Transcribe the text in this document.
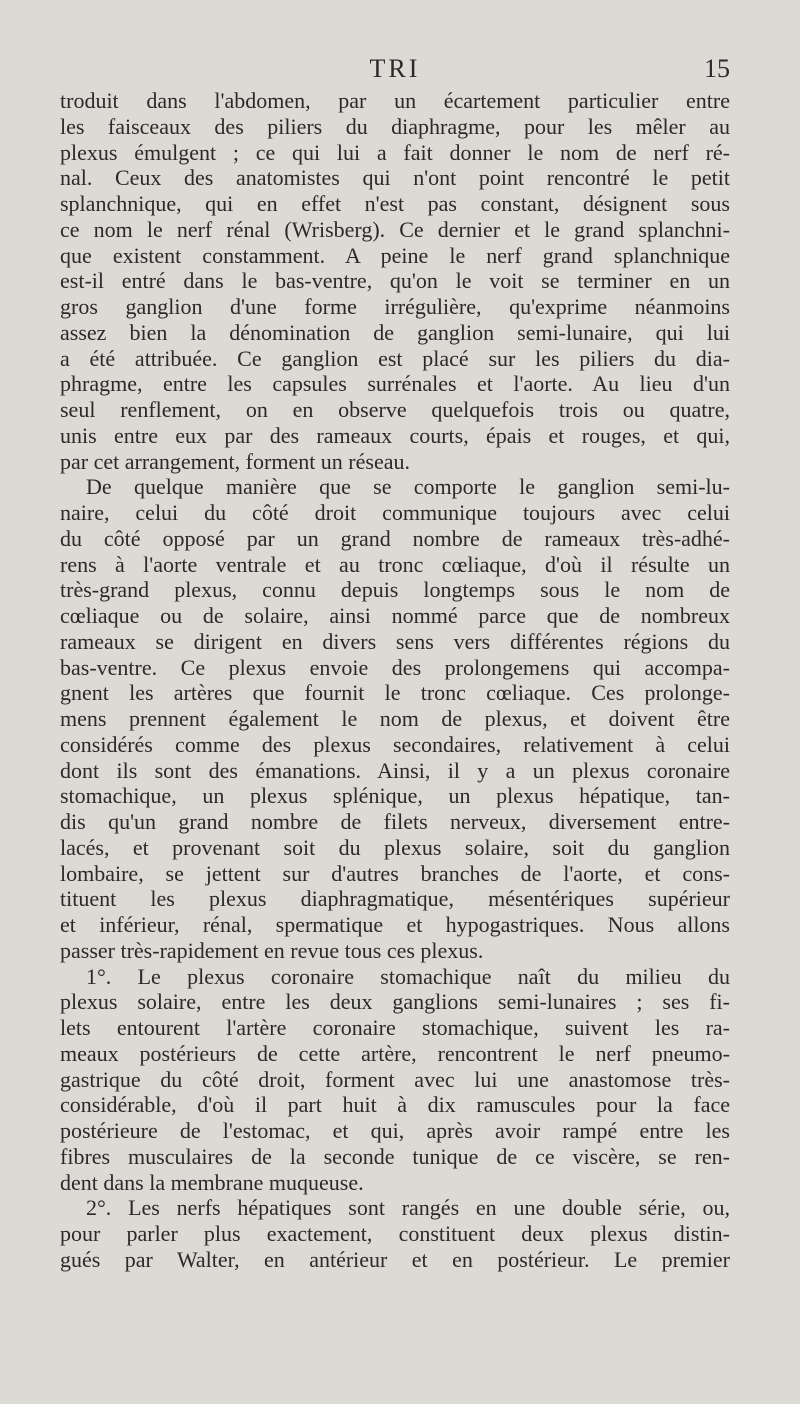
TRI	15
troduit dans l'abdomen, par un écartement particulier entre
les faisceaux des piliers du diaphragme, pour les mêler au
plexus émulgent ; ce qui lui a fait donner le nom de nerf ré-
nal. Ceux des anatomistes qui n'ont point rencontré le petit
splanchnique, qui en effet n'est pas constant, désignent sous
ce nom le nerf rénal (Wrisberg). Ce dernier et le grand splanchni-
que existent constamment. A peine le nerf grand splanchnique
est-il entré dans le bas-ventre, qu'on le voit se terminer en un
gros ganglion d'une forme irrégulière, qu'exprime néanmoins
assez bien la dénomination de ganglion semi-lunaire, qui lui
a été attribuée. Ce ganglion est placé sur les piliers du dia-
phragme, entre les capsules surrénales et l'aorte. Au lieu d'un
seul renflement, on en observe quelquefois trois ou quatre,
unis entre eux par des rameaux courts, épais et rouges, et qui,
par cet arrangement, forment un réseau.
De quelque manière que se comporte le ganglion semi-lu-
naire, celui du côté droit communique toujours avec celui
du côté opposé par un grand nombre de rameaux très-adhé-
rens à l'aorte ventrale et au tronc cœliaque, d'où il résulte un
très-grand plexus, connu depuis longtemps sous le nom de
cœliaque ou de solaire, ainsi nommé parce que de nombreux
rameaux se dirigent en divers sens vers différentes régions du
bas-ventre. Ce plexus envoie des prolongemens qui accompa-
gnent les artères que fournit le tronc cœliaque. Ces prolonge-
mens prennent également le nom de plexus, et doivent être
considérés comme des plexus secondaires, relativement à celui
dont ils sont des émanations. Ainsi, il y a un plexus coronaire
stomachique, un plexus splénique, un plexus hépatique, tan-
dis qu'un grand nombre de filets nerveux, diversement entre-
lacés, et provenant soit du plexus solaire, soit du ganglion
lombaire, se jettent sur d'autres branches de l'aorte, et cons-
tituent les plexus diaphragmatique, mésentériques supérieur
et inférieur, rénal, spermatique et hypogastriques. Nous allons
passer très-rapidement en revue tous ces plexus.
1°. Le plexus coronaire stomachique naît du milieu du
plexus solaire, entre les deux ganglions semi-lunaires ; ses fi-
lets entourent l'artère coronaire stomachique, suivent les ra-
meaux postérieurs de cette artère, rencontrent le nerf pneumo-
gastrique du côté droit, forment avec lui une anastomose très-
considérable, d'où il part huit à dix ramuscules pour la face
postérieure de l'estomac, et qui, après avoir rampé entre les
fibres musculaires de la seconde tunique de ce viscère, se ren-
dent dans la membrane muqueuse.
2°. Les nerfs hépatiques sont rangés en une double série, ou,
pour parler plus exactement, constituent deux plexus distin-
gués par Walter, en antérieur et en postérieur. Le premier
